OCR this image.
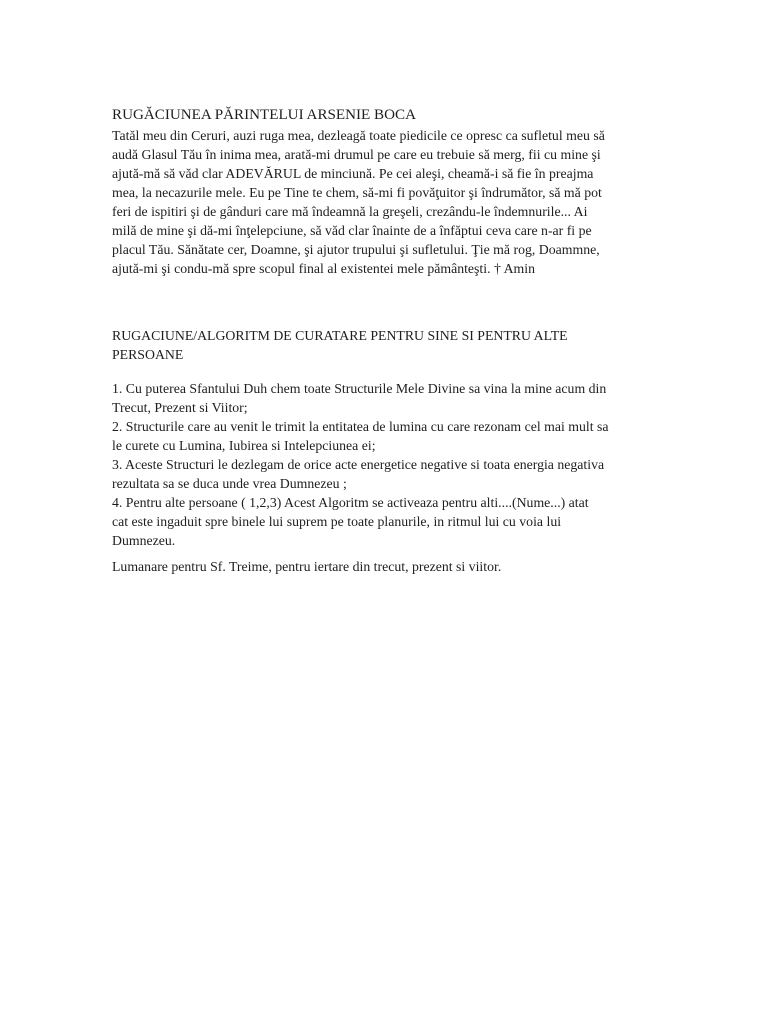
RUGĂCIUNEA PĂRINTELUI ARSENIE BOCA
Tatăl meu din Ceruri, auzi ruga mea, dezleagă toate piedicile ce opresc ca sufletul meu să
audă Glasul Tău în inima mea, arată-mi drumul pe care eu trebuie să merg, fii cu mine şi
ajută-mă să văd clar ADEVĂRUL de minciună. Pe cei aleşi, cheamă-i să fie în preajma
mea, la necazurile mele. Eu pe Tine te chem, să-mi fi povăţuitor şi îndrumător, să mă pot
feri de ispitiri şi de gânduri care mă îndeamnă la greşeli, crezându-le îndemnurile... Ai
milă de mine şi dă-mi înţelepciune, să văd clar înainte de a înfăptui ceva care n-ar fi pe
placul Tău. Sănătate cer, Doamne, şi ajutor trupului şi sufletului. Ţie mă rog, Doammne,
ajută-mi şi condu-mă spre scopul final al existentei mele pământeşti. † Amin
RUGACIUNE/ALGORITM DE CURATARE PENTRU SINE SI PENTRU ALTE
PERSOANE
1. Cu puterea Sfantului Duh chem toate Structurile Mele Divine sa vina la mine acum din
Trecut, Prezent si Viitor;
2. Structurile care au venit le trimit la entitatea de lumina cu care rezonam cel mai mult sa
le curete cu Lumina, Iubirea si Intelepciunea ei;
3. Aceste Structuri le dezlegam de orice acte energetice negative si toata energia negativa
rezultata sa se duca unde vrea Dumnezeu ;
4. Pentru alte persoane ( 1,2,3) Acest Algoritm se activeaza pentru alti....(Nume...) atat
cat este ingaduit spre binele lui suprem pe toate planurile, in ritmul lui cu voia lui
Dumnezeu.
Lumanare pentru Sf. Treime, pentru iertare din trecut, prezent si viitor.
